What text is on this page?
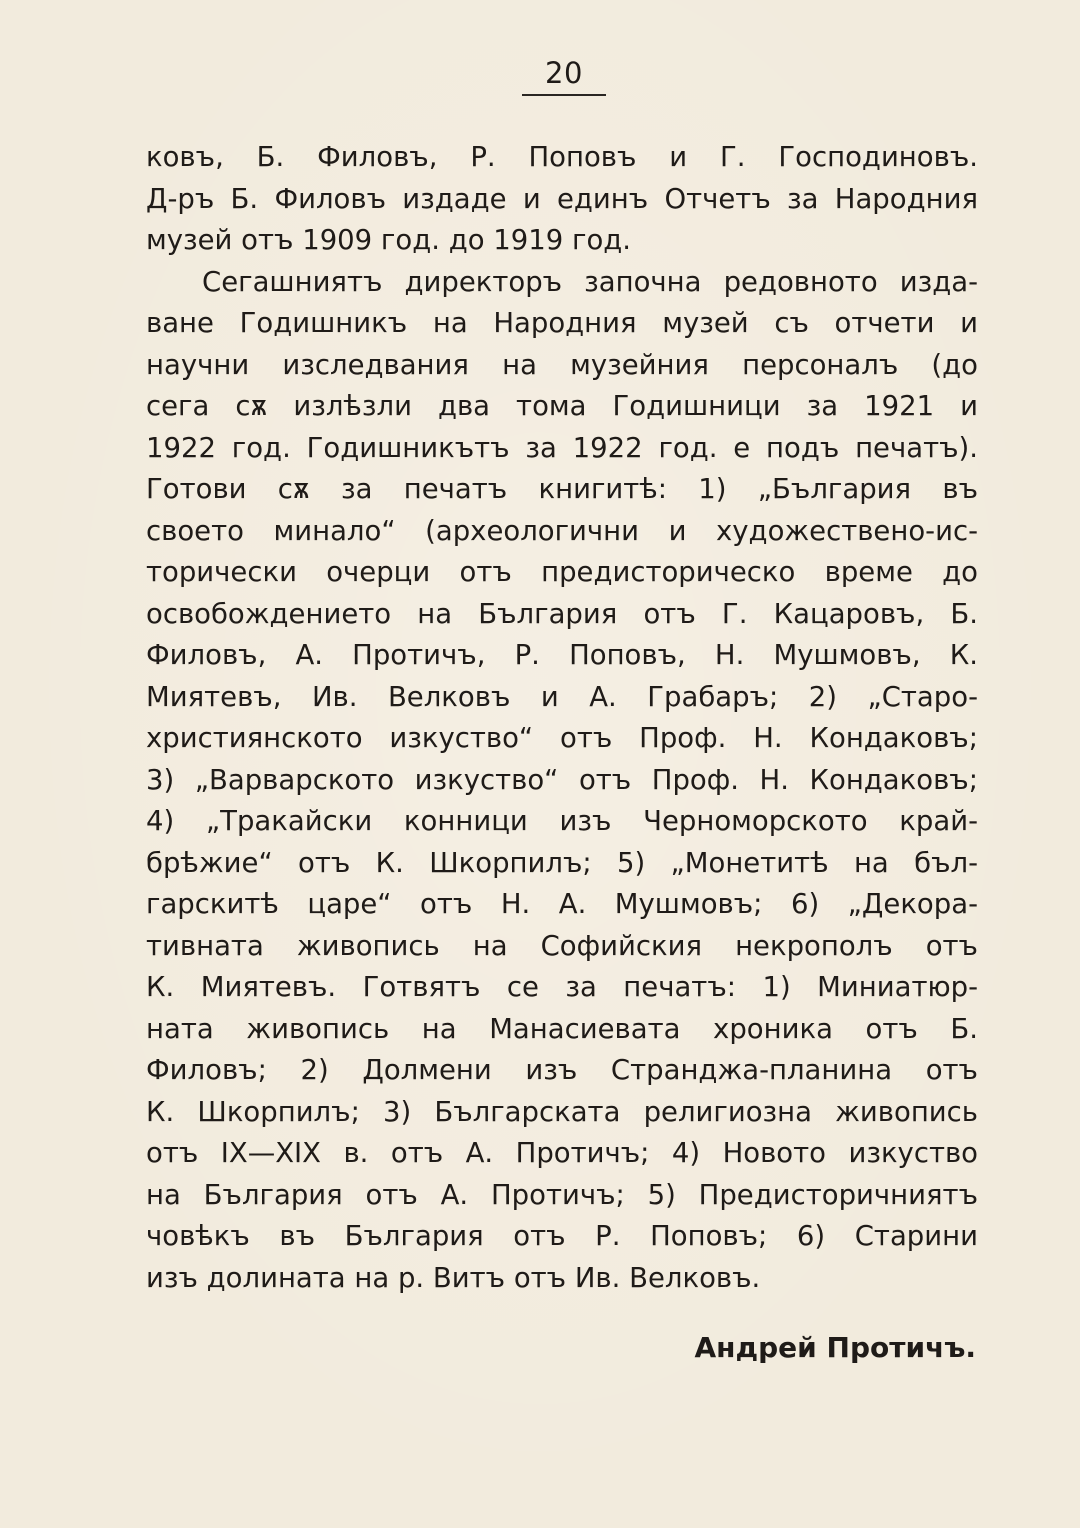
20
ковъ, Б. Филовъ, Р. Поповъ и Г. Господиновъ.
Д-ръ Б. Филовъ издаде и единъ Отчетъ за Народния
музей отъ 1909 год. до 1919 год.
Сегашниятъ директоръ започна редовното изда-
ване Годишникъ на Народния музей съ отчети и
научни изследвания на музейния персоналъ (до
сега сѫ излѣзли два тома Годишници за 1921 и
1922 год. Годишникътъ за 1922 год. е подъ печатъ).
Готови сѫ за печатъ книгитѣ: 1) „България въ
своето минало“ (археологични и художествено-ис-
торически очерци отъ предисторическо време до
освобождението на България отъ Г. Кацаровъ, Б.
Филовъ, А. Протичъ, Р. Поповъ, Н. Мушмовъ, К.
Миятевъ, Ив. Велковъ и А. Грабаръ; 2) „Старо-
християнското изкуство“ отъ Проф. Н. Кондаковъ;
3) „Варварското изкуство“ отъ Проф. Н. Кондаковъ;
4) „Тракайски конници изъ Черноморското край-
брѣжие“ отъ К. Шкорпилъ; 5) „Монетитѣ на бъл-
гарскитѣ царе“ отъ Н. А. Мушмовъ; 6) „Декора-
тивната живопись на Софийския некрополъ отъ
К. Миятевъ. Готвятъ се за печатъ: 1) Миниатюр-
ната живопись на Манасиевата хроника отъ Б.
Филовъ; 2) Долмени изъ Странджа-планина отъ
К. Шкорпилъ; 3) Българската религиозна живопись
отъ IX—XIX в. отъ А. Протичъ; 4) Новото изкуство
на България отъ А. Протичъ; 5) Предисторичниятъ
човѣкъ въ България отъ Р. Поповъ; 6) Старини
изъ долината на р. Витъ отъ Ив. Велковъ.
Андрей Протичъ.
